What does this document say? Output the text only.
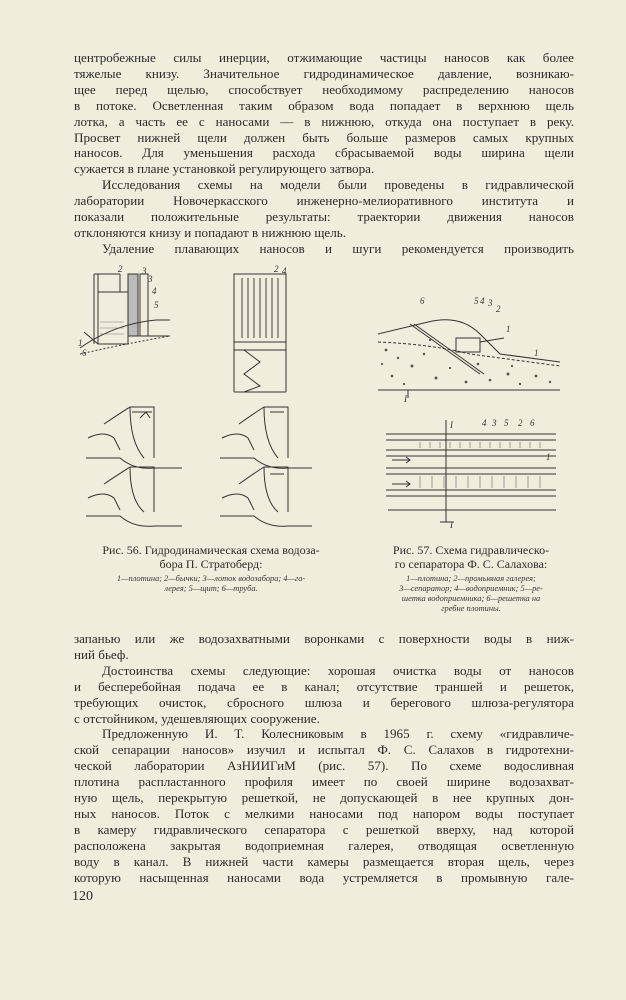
центробежные силы инерции, отжимающие частицы наносов как более

тяжелые книзу. Значительное гидродинамическое давление, возникаю-

щее перед щелью, способствует необходимому распределению наносов

в потоке. Осветленная таким образом вода попадает в верхнюю щель

лотка, а часть ее с наносами — в нижнюю, откуда она поступает в реку.

Просвет нижней щели должен быть больше размеров самых крупных

наносов. Для уменьшения расхода сбрасываемой воды ширина щели

сужается в плане установкой регулирующего затвора.

Исследования схемы на модели были проведены в гидравлической

лаборатории Новочеркасского инженерно-мелиоративного института и

показали положительные результаты: траектории движения наносов

отклоняются книзу и попадают в нижнюю щель.

Удаление плавающих наносов и шуги рекомендуется производить

1
2 3
4
5
6
2
3
4

Рис. 56. Гидродинамическая схема водоза-
бора П. Стратоберд:

1—плотина; 2—бычки; 3—лоток водозабора; 4—га-
лерея; 5—щит; 6—труба.

6	5 4 3
2
1
1
I
4 3 5 2 6
1
I
I

Рис. 57. Схема гидравлическо-
го сепаратора Ф. С. Салахова:

1—плотина; 2—промывная галерея;
3—сепаратор; 4—водоприемник; 5—ре-
шетка водоприемника; 6—решетка на
гребне плотины.

запанью или же водозахватными воронками с поверхности воды в ниж-

ний бьеф.

Достоинства схемы следующие: хорошая очистка воды от наносов

и бесперебойная подача ее в канал; отсутствие траншей и решеток,

требующих очисток, сбросного шлюза и берегового шлюза-регулятора

с отстойником, удешевляющих сооружение.

Предложенную И. Т. Колесниковым в 1965 г. схему «гидравличе-

ской сепарации наносов» изучил и испытал Ф. С. Салахов в гидротехни-

ческой лаборатории АзНИИГиМ (рис. 57). По схеме водосливная

плотина распластанного профиля имеет по своей ширине водозахват-

ную щель, перекрытую решеткой, не допускающей в нее крупных дон-

ных наносов. Поток с мелкими наносами под напором воды поступает

в камеру гидравлического сепаратора с решеткой вверху, над которой

расположена закрытая водоприемная галерея, отводящая осветленную

воду в канал. В нижней части камеры размещается вторая щель, через

которую насыщенная наносами вода устремляется в промывную гале-

120
